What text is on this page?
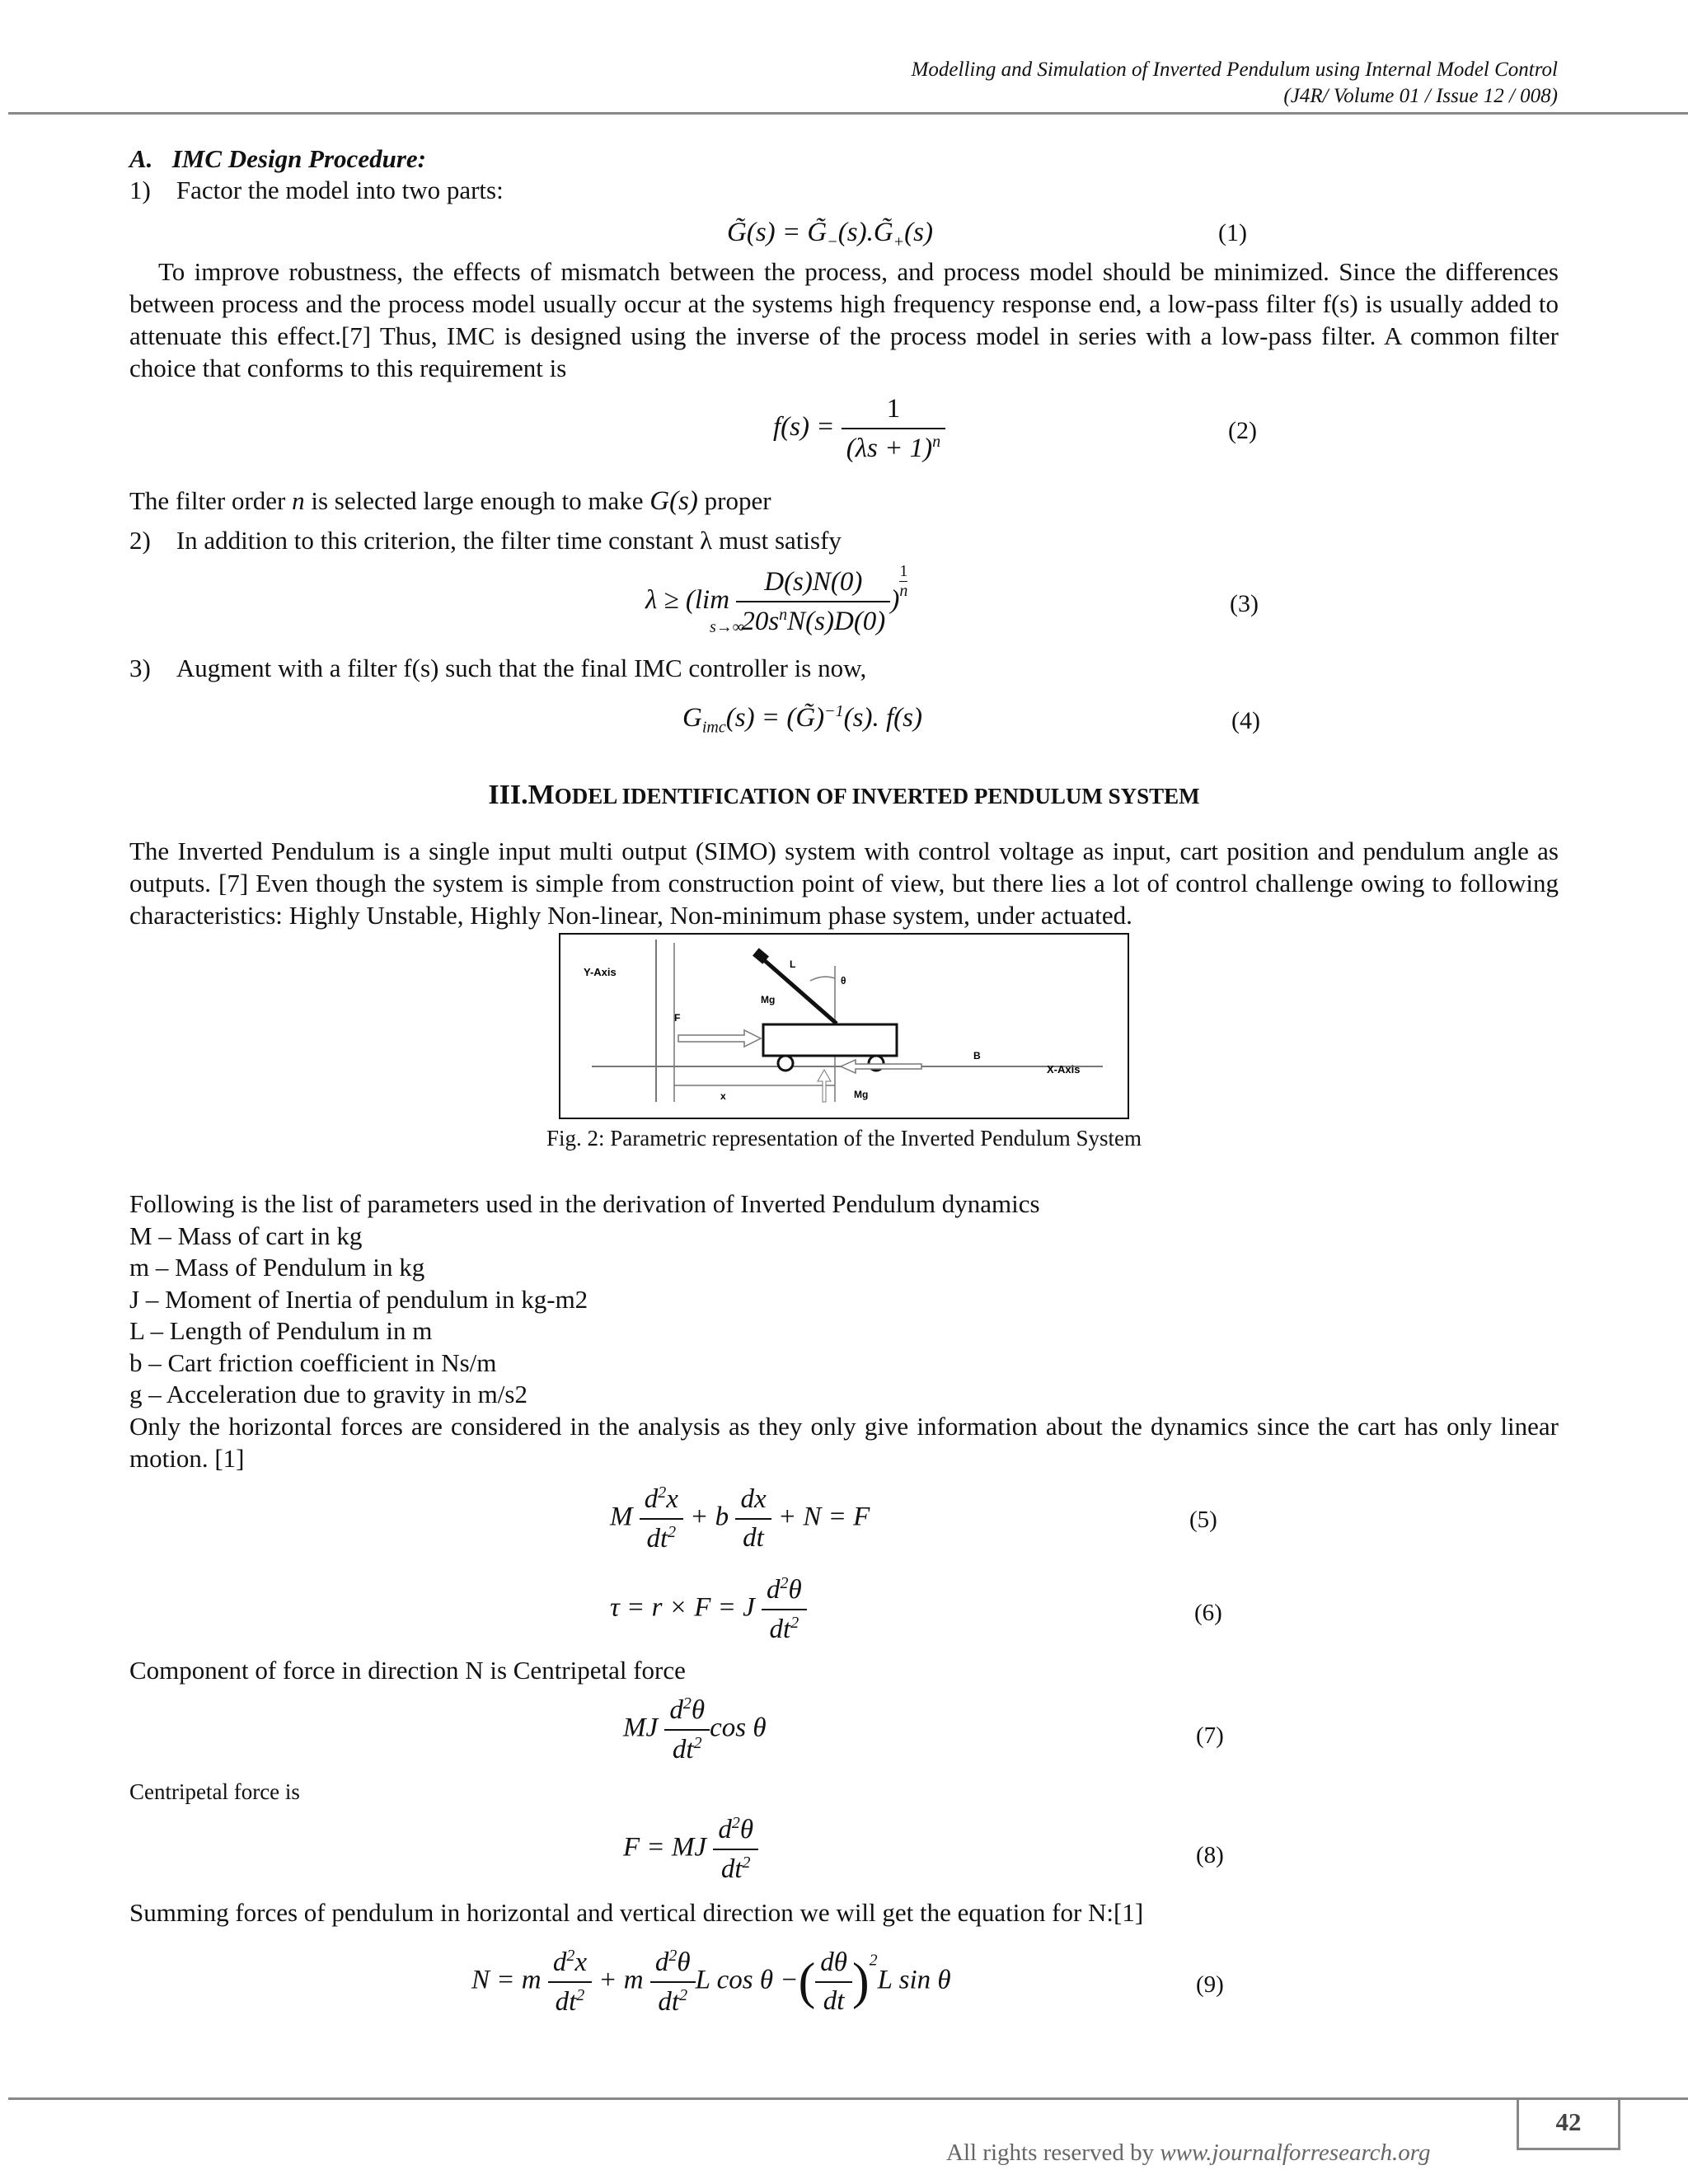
Modelling and Simulation of Inverted Pendulum using Internal Model Control
(J4R/ Volume 01 / Issue 12 / 008)
A. IMC Design Procedure:
1) Factor the model into two parts:
G̃(s) = $G̃_-(s).G̃_+(s)$	(1)
To improve robustness, the effects of mismatch between the process, and process model should be minimized. Since the differences between process and the process model usually occur at the systems high frequency response end, a low-pass filter f(s) is usually added to attenuate this effect.[7] Thus, IMC is designed using the inverse of the process model in series with a low-pass filter. A common filter choice that conforms to this requirement is
$f(s) = \frac{1}{(\lambda s + 1)^n}$	(2)
The filter order n is selected large enough to make G(s) proper
2) In addition to this criterion, the filter time constant λ must satisfy
λ ≥ (lim
s→∞

$\frac{D(s)N(0)}{20s^nN(s)D(0)}$ ) $\frac{1}{n}$
(3)
3) Augment with a filter f(s) such that the final IMC controller is now,
$G_{imc}(s)$ = (G̃)$^{-1}$(s). f(s)	(4)
III.MODEL IDENTIFICATION OF INVERTED PENDULUM SYSTEM
The Inverted Pendulum is a single input multi output (SIMO) system with control voltage as input, cart position and pendulum angle as outputs. [7] Even though the system is simple from construction point of view, but there lies a lot of control challenge owing to following characteristics: Highly Unstable, Highly Non-linear, Non-minimum phase system, under actuated.
Y-Axis
X-Axis
F
B
L
θ
Mg
Mg
x
Fig. 2: Parametric representation of the Inverted Pendulum System
Following is the list of parameters used in the derivation of Inverted Pendulum dynamics
M – Mass of cart in kg
m – Mass of Pendulum in kg
J – Moment of Inertia of pendulum in kg-m2
L – Length of Pendulum in m
b – Cart friction coefficient in Ns/m
g – Acceleration due to gravity in m/s2
Only the horizontal forces are considered in the analysis as they only give information about the dynamics since the cart has only linear motion. [1]
M $\frac{d^2x}{dt^2} + b \frac{dx}{dt} + N = F$	(5)
τ = r × F = J $\frac{d^2\theta}{dt^2}$	(6)
Component of force in direction N is Centripetal force
MJ $\frac{d^2\theta}{dt^2}$ cos θ	(7)
Centripetal force is
F = MJ $\frac{d^2\theta}{dt^2}$	(8)
Summing forces of pendulum in horizontal and vertical direction we will get the equation for N:[1]
N = m $\frac{d^2x}{dt^2} + m \frac{d^2\theta}{dt^2}$ L cos θ −( $\frac{d\theta}{dt} )^2L$ sin θ	(9)
All rights reserved by www.journalforresearch.org
42
